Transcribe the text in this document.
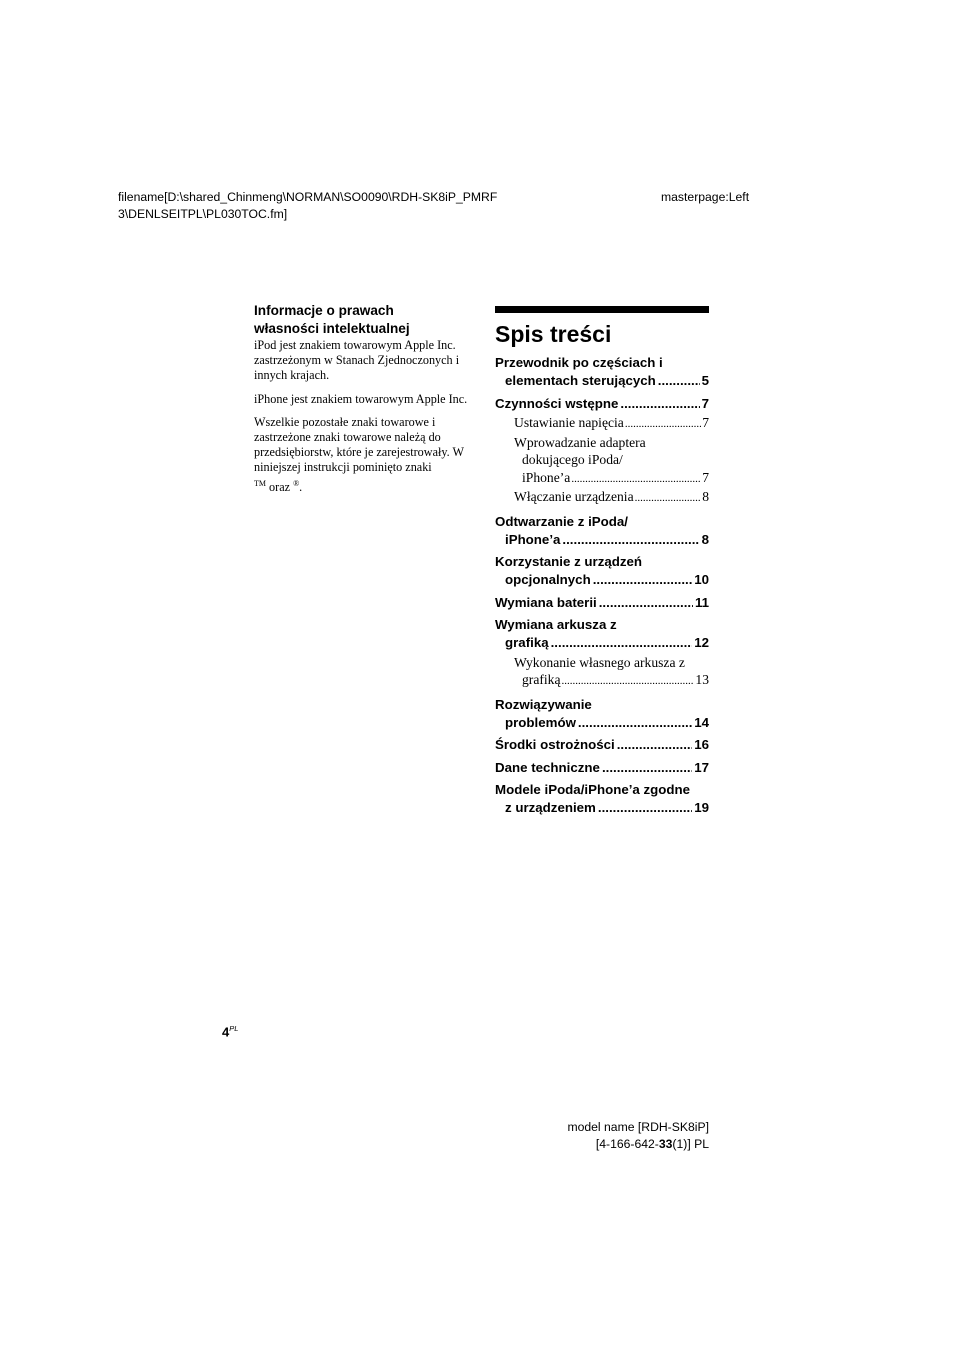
filename[D:\shared_Chinmeng\NORMAN\SO0090\RDH-SK8iP_PMRF
3\DENLSEITPL\PL030TOC.fm]
masterpage:Left
Informacje o prawach
własności intelektualnej

iPod jest znakiem towarowym Apple Inc. zastrzeżonym w Stanach Zjednoczonych i innych krajach.

iPhone jest znakiem towarowym Apple Inc.

Wszelkie pozostałe znaki towarowe i zastrzeżone znaki towarowe należą do przedsiębiorstw, które je zarejestrowały. W niniejszej instrukcji pominięto znaki
™ oraz ®.

Spis treści
Przewodnik po częściach i
elementach sterujących .....	5
Czynności wstępne .....	7
Ustawianie napięcia .....	7
Wprowadzanie adaptera
dokującego iPoda/
iPhone’a .....	7
Włączanie urządzenia .....	8
Odtwarzanie z iPoda/
iPhone’a .....	8
Korzystanie z urządzeń
opcjonalnych .....	10
Wymiana baterii .....	11
Wymiana arkusza z
grafiką .....	12
Wykonanie własnego arkusza z
grafiką .....	13
Rozwiązywanie
problemów .....	14
Środki ostrożności .....	16
Dane techniczne .....	17
Modele iPoda/iPhone’a zgodne
z urządzeniem .....	19
$4^{PL}$
model name [RDH-SK8iP]
[4-166-642-33(1)] PL
